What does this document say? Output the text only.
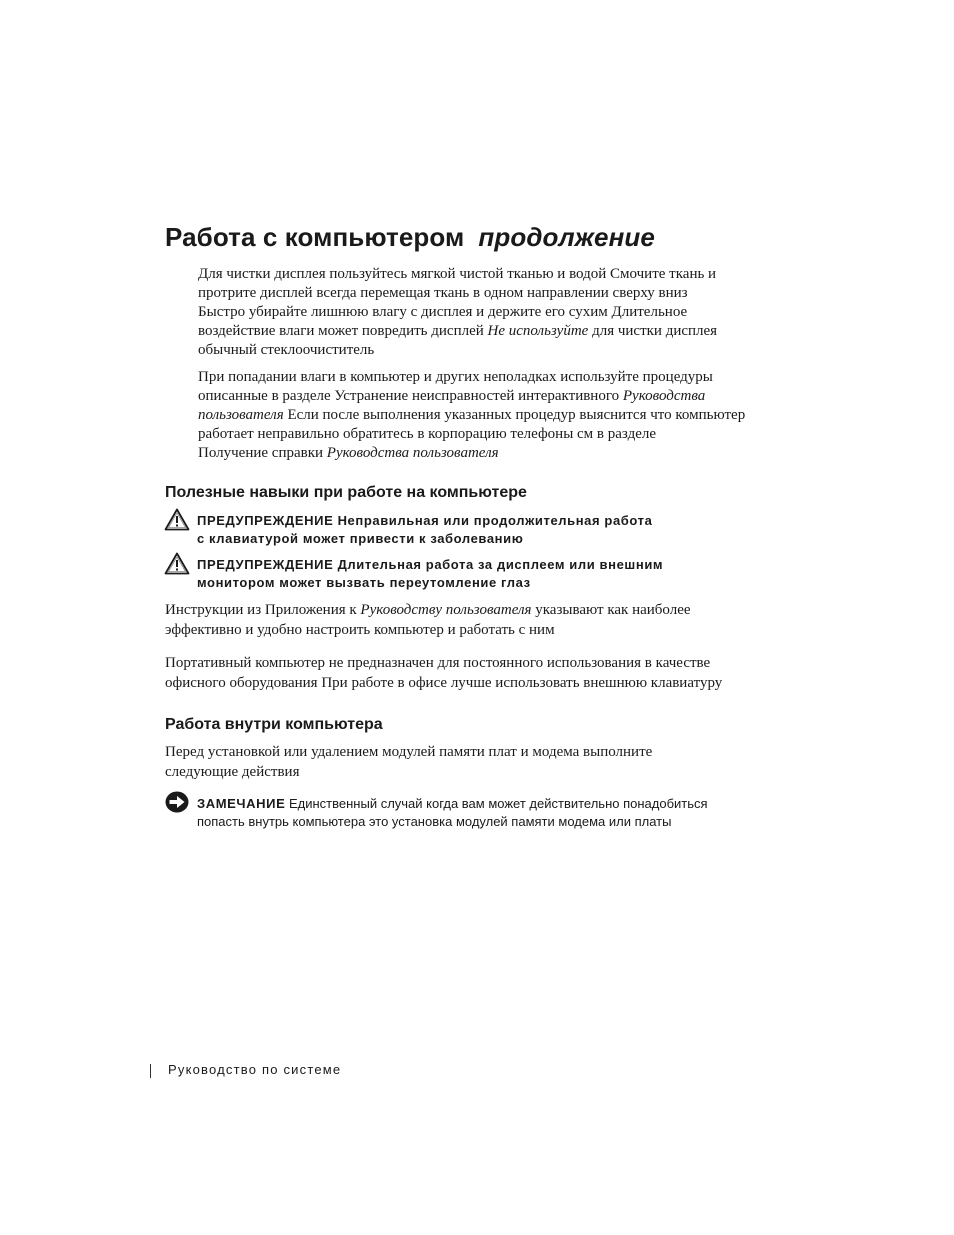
Работа с компьютером продолжение
Для чистки дисплея пользуйтесь мягкой чистой тканью и водой Смочите ткань и
протрите дисплей всегда перемещая ткань в одном направлении сверху вниз
Быстро убирайте лишнюю влагу с дисплея и держите его сухим Длительное
воздействие влаги может повредить дисплей Не используйте для чистки дисплея
обычный стеклоочиститель
При попадании влаги в компьютер и других неполадках используйте процедуры
описанные в разделе Устранение неисправностей интерактивного Руководства
пользователя Если после выполнения указанных процедур выяснится что компьютер
работает неправильно обратитесь в корпорацию телефоны см в разделе
Получение справки Руководства пользователя
Полезные навыки при работе на компьютере
ПРЕДУПРЕЖДЕНИЕ Неправильная или продолжительная работа
с клавиатурой может привести к заболеванию
ПРЕДУПРЕЖДЕНИЕ Длительная работа за дисплеем или внешним
монитором может вызвать переутомление глаз
Инструкции из Приложения к Руководству пользователя указывают как наиболее
эффективно и удобно настроить компьютер и работать с ним
Портативный компьютер не предназначен для постоянного использования в качестве
офисного оборудования При работе в офисе лучше использовать внешнюю клавиатуру
Работа внутри компьютера
Перед установкой или удалением модулей памяти плат и модема выполните
следующие действия
ЗАМЕЧАНИЕ Единственный случай когда вам может действительно понадобиться
попасть внутрь компьютера это установка модулей памяти модема или платы
Руководство по системе
